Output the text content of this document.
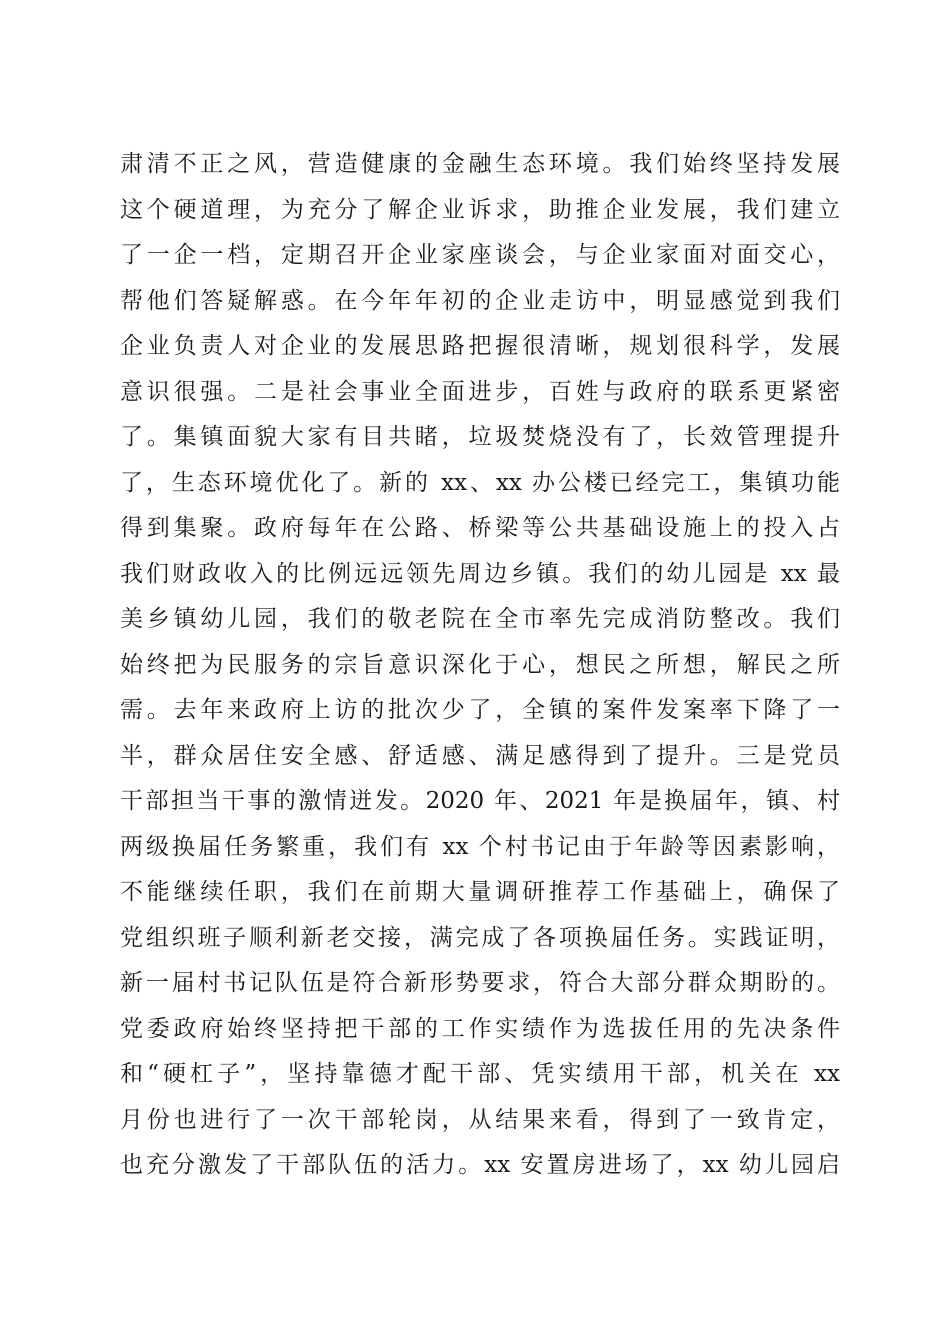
肃清不正之风，营造健康的金融生态环境。我们始终坚持发展
这个硬道理，为充分了解企业诉求，助推企业发展，我们建立
了一企一档，定期召开企业家座谈会，与企业家面对面交心，
帮他们答疑解惑。在今年年初的企业走访中，明显感觉到我们
企业负责人对企业的发展思路把握很清晰，规划很科学，发展
意识很强。二是社会事业全面进步，百姓与政府的联系更紧密
了。集镇面貌大家有目共睹，垃圾焚烧没有了，长效管理提升
了，生态环境优化了。新的 xx、xx 办公楼已经完工，集镇功能
得到集聚。政府每年在公路、桥梁等公共基础设施上的投入占
我们财政收入的比例远远领先周边乡镇。我们的幼儿园是 xx 最
美乡镇幼儿园，我们的敬老院在全市率先完成消防整改。我们
始终把为民服务的宗旨意识深化于心，想民之所想，解民之所
需。去年来政府上访的批次少了，全镇的案件发案率下降了一
半，群众居住安全感、舒适感、满足感得到了提升。三是党员
干部担当干事的激情迸发。2020 年、2021 年是换届年，镇、村
两级换届任务繁重，我们有 xx 个村书记由于年龄等因素影响，
不能继续任职，我们在前期大量调研推荐工作基础上，确保了
党组织班子顺利新老交接，满完成了各项换届任务。实践证明，
新一届村书记队伍是符合新形势要求，符合大部分群众期盼的。
党委政府始终坚持把干部的工作实绩作为选拔任用的先决条件
和“硬杠子”，坚持靠德才配干部、凭实绩用干部，机关在 xx
月份也进行了一次干部轮岗，从结果来看，得到了一致肯定，
也充分激发了干部队伍的活力。xx 安置房进场了，xx 幼儿园启
